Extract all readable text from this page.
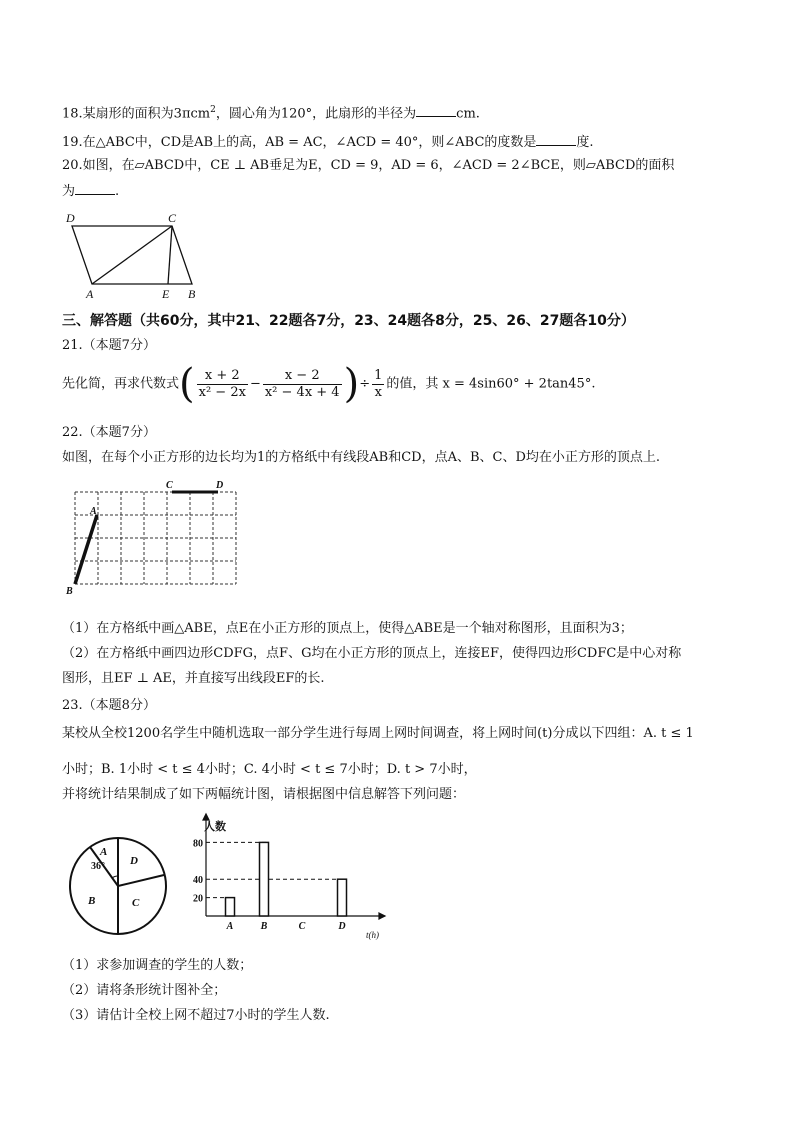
18.某扇形的面积为3πcm$^2$，圆心角为120°，此扇形的半径为	cm.
19.在△ABC中，CD是AB上的高，AB = AC，∠ACD = 40°，则∠ABC的度数是	度.
20.如图，在▱ABCD中，CE ⊥ AB垂足为E，CD = 9，AD = 6，∠ACD = 2∠BCE，则▱ABCD的面积
为	.
D	C
A	E B
三、解答题（共60分，其中21、22题各7分，23、24题各8分，25、26、27题各10分）
21.（本题7分）
先化简，再求代数式( $\frac{x + 2}{\text{x² − 2x}} - \frac{x - 2}{\text{x² − 4x + 4}}$ )÷ $\frac{1}{x}$ 的值，其 x = 4sin60° + 2tan45°.
22.（本题7分）
如图，在每个小正方形的边长均为1的方格纸中有线段AB和CD，点A、B、C、D均在小正方形的顶点上.
A
B
C	D
（1）在方格纸中画△ABE，点E在小正方形的顶点上，使得△ABE是一个轴对称图形，且面积为3；
（2）在方格纸中画四边形CDFG，点F、G均在小正方形的顶点上，连接EF，使得四边形CDFC是中心对称
图形，且EF ⊥ AE，并直接写出线段EF的长.
23.（本题8分）
某校从全校1200名学生中随机选取一部分学生进行每周上网时间调查，将上网时间(t)分成以下四组：A. t ≤ 1
小时；B. 1小时 < t ≤ 4小时；C. 4小时 < t ≤ 7小时；D. t > 7小时，
并将统计结果制成了如下两幅统计图，请根据图中信息解答下列问题：
A
36°
B	C
D
20
40
80
A	B	C	D
人数
t(h)
（1）求参加调查的学生的人数；
（2）请将条形统计图补全；
（3）请估计全校上网不超过7小时的学生人数.
